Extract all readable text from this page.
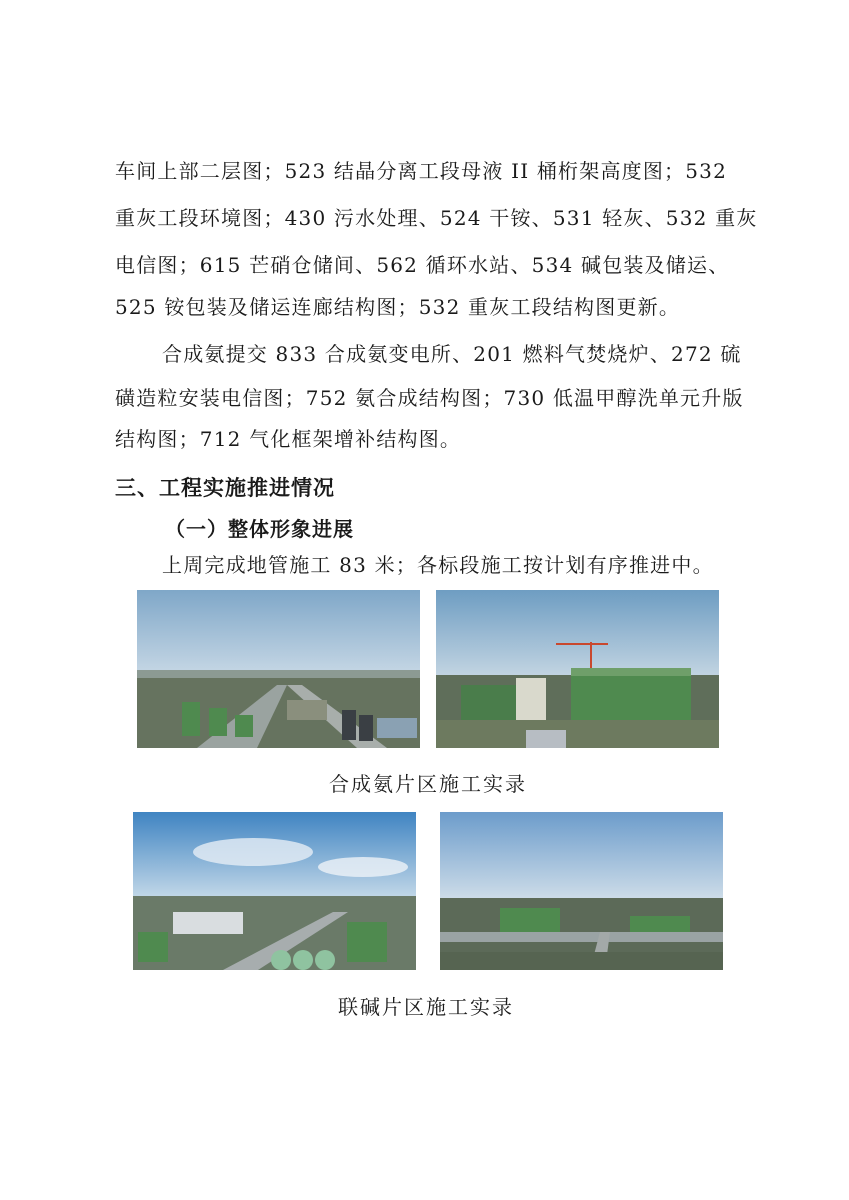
车间上部二层图；523 结晶分离工段母液 II 桶桁架高度图；532
重灰工段环境图；430 污水处理、524 干铵、531 轻灰、532 重灰
电信图；615 芒硝仓储间、562 循环水站、534 碱包装及储运、
525 铵包装及储运连廊结构图；532 重灰工段结构图更新。
合成氨提交 833 合成氨变电所、201 燃料气焚烧炉、272 硫
磺造粒安装电信图；752 氨合成结构图；730 低温甲醇洗单元升版
结构图；712 气化框架增补结构图。
三、工程实施推进情况
（一）整体形象进展
上周完成地管施工 83 米；各标段施工按计划有序推进中。
合成氨片区施工实录
联碱片区施工实录
